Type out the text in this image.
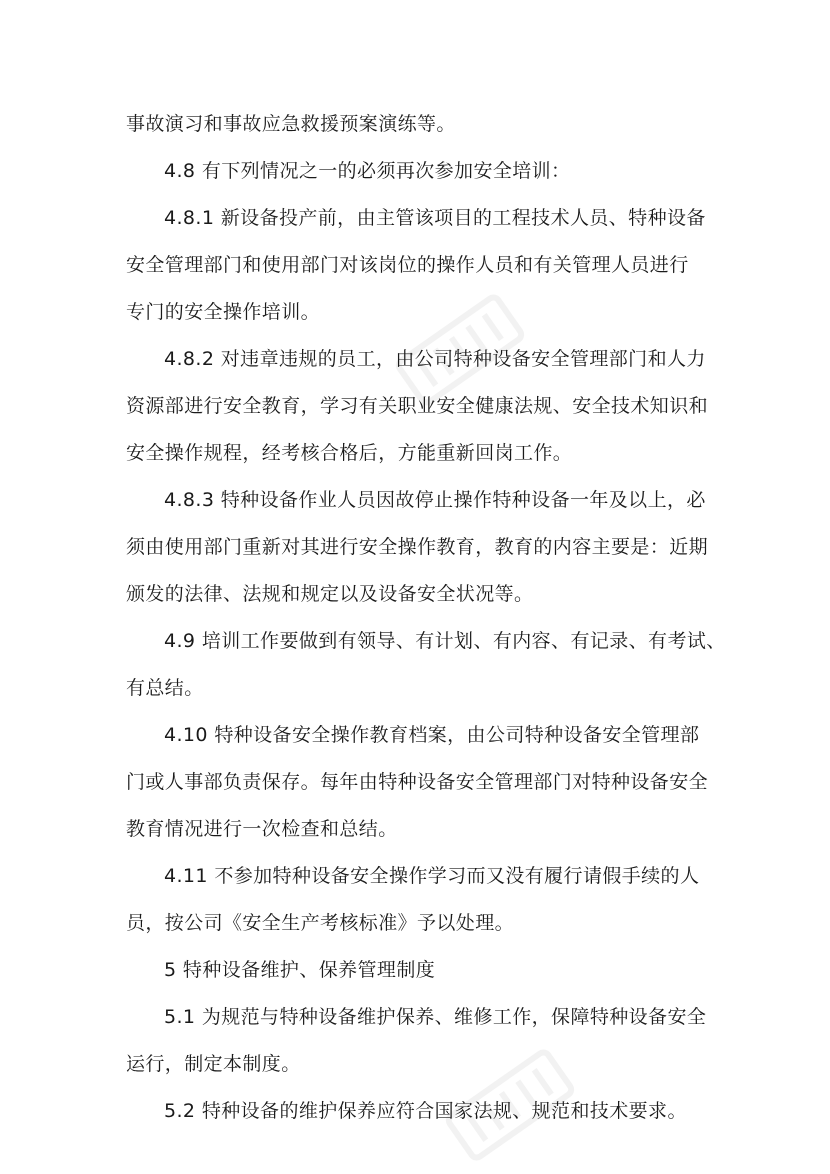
事故演习和事故应急救援预案演练等。
4.8 有下列情况之一的必须再次参加安全培训：
4.8.1 新设备投产前，由主管该项目的工程技术人员、特种设备
安全管理部门和使用部门对该岗位的操作人员和有关管理人员进行
专门的安全操作培训。
4.8.2 对违章违规的员工，由公司特种设备安全管理部门和人力
资源部进行安全教育，学习有关职业安全健康法规、安全技术知识和
安全操作规程，经考核合格后，方能重新回岗工作。
4.8.3 特种设备作业人员因故停止操作特种设备一年及以上，必
须由使用部门重新对其进行安全操作教育，教育的内容主要是：近期
颁发的法律、法规和规定以及设备安全状况等。
4.9 培训工作要做到有领导、有计划、有内容、有记录、有考试、
有总结。
4.10 特种设备安全操作教育档案，由公司特种设备安全管理部
门或人事部负责保存。每年由特种设备安全管理部门对特种设备安全
教育情况进行一次检查和总结。
4.11 不参加特种设备安全操作学习而又没有履行请假手续的人
员，按公司《安全生产考核标准》予以处理。
5 特种设备维护、保养管理制度
5.1 为规范与特种设备维护保养、维修工作，保障特种设备安全
运行，制定本制度。
5.2 特种设备的维护保养应符合国家法规、规范和技术要求。
